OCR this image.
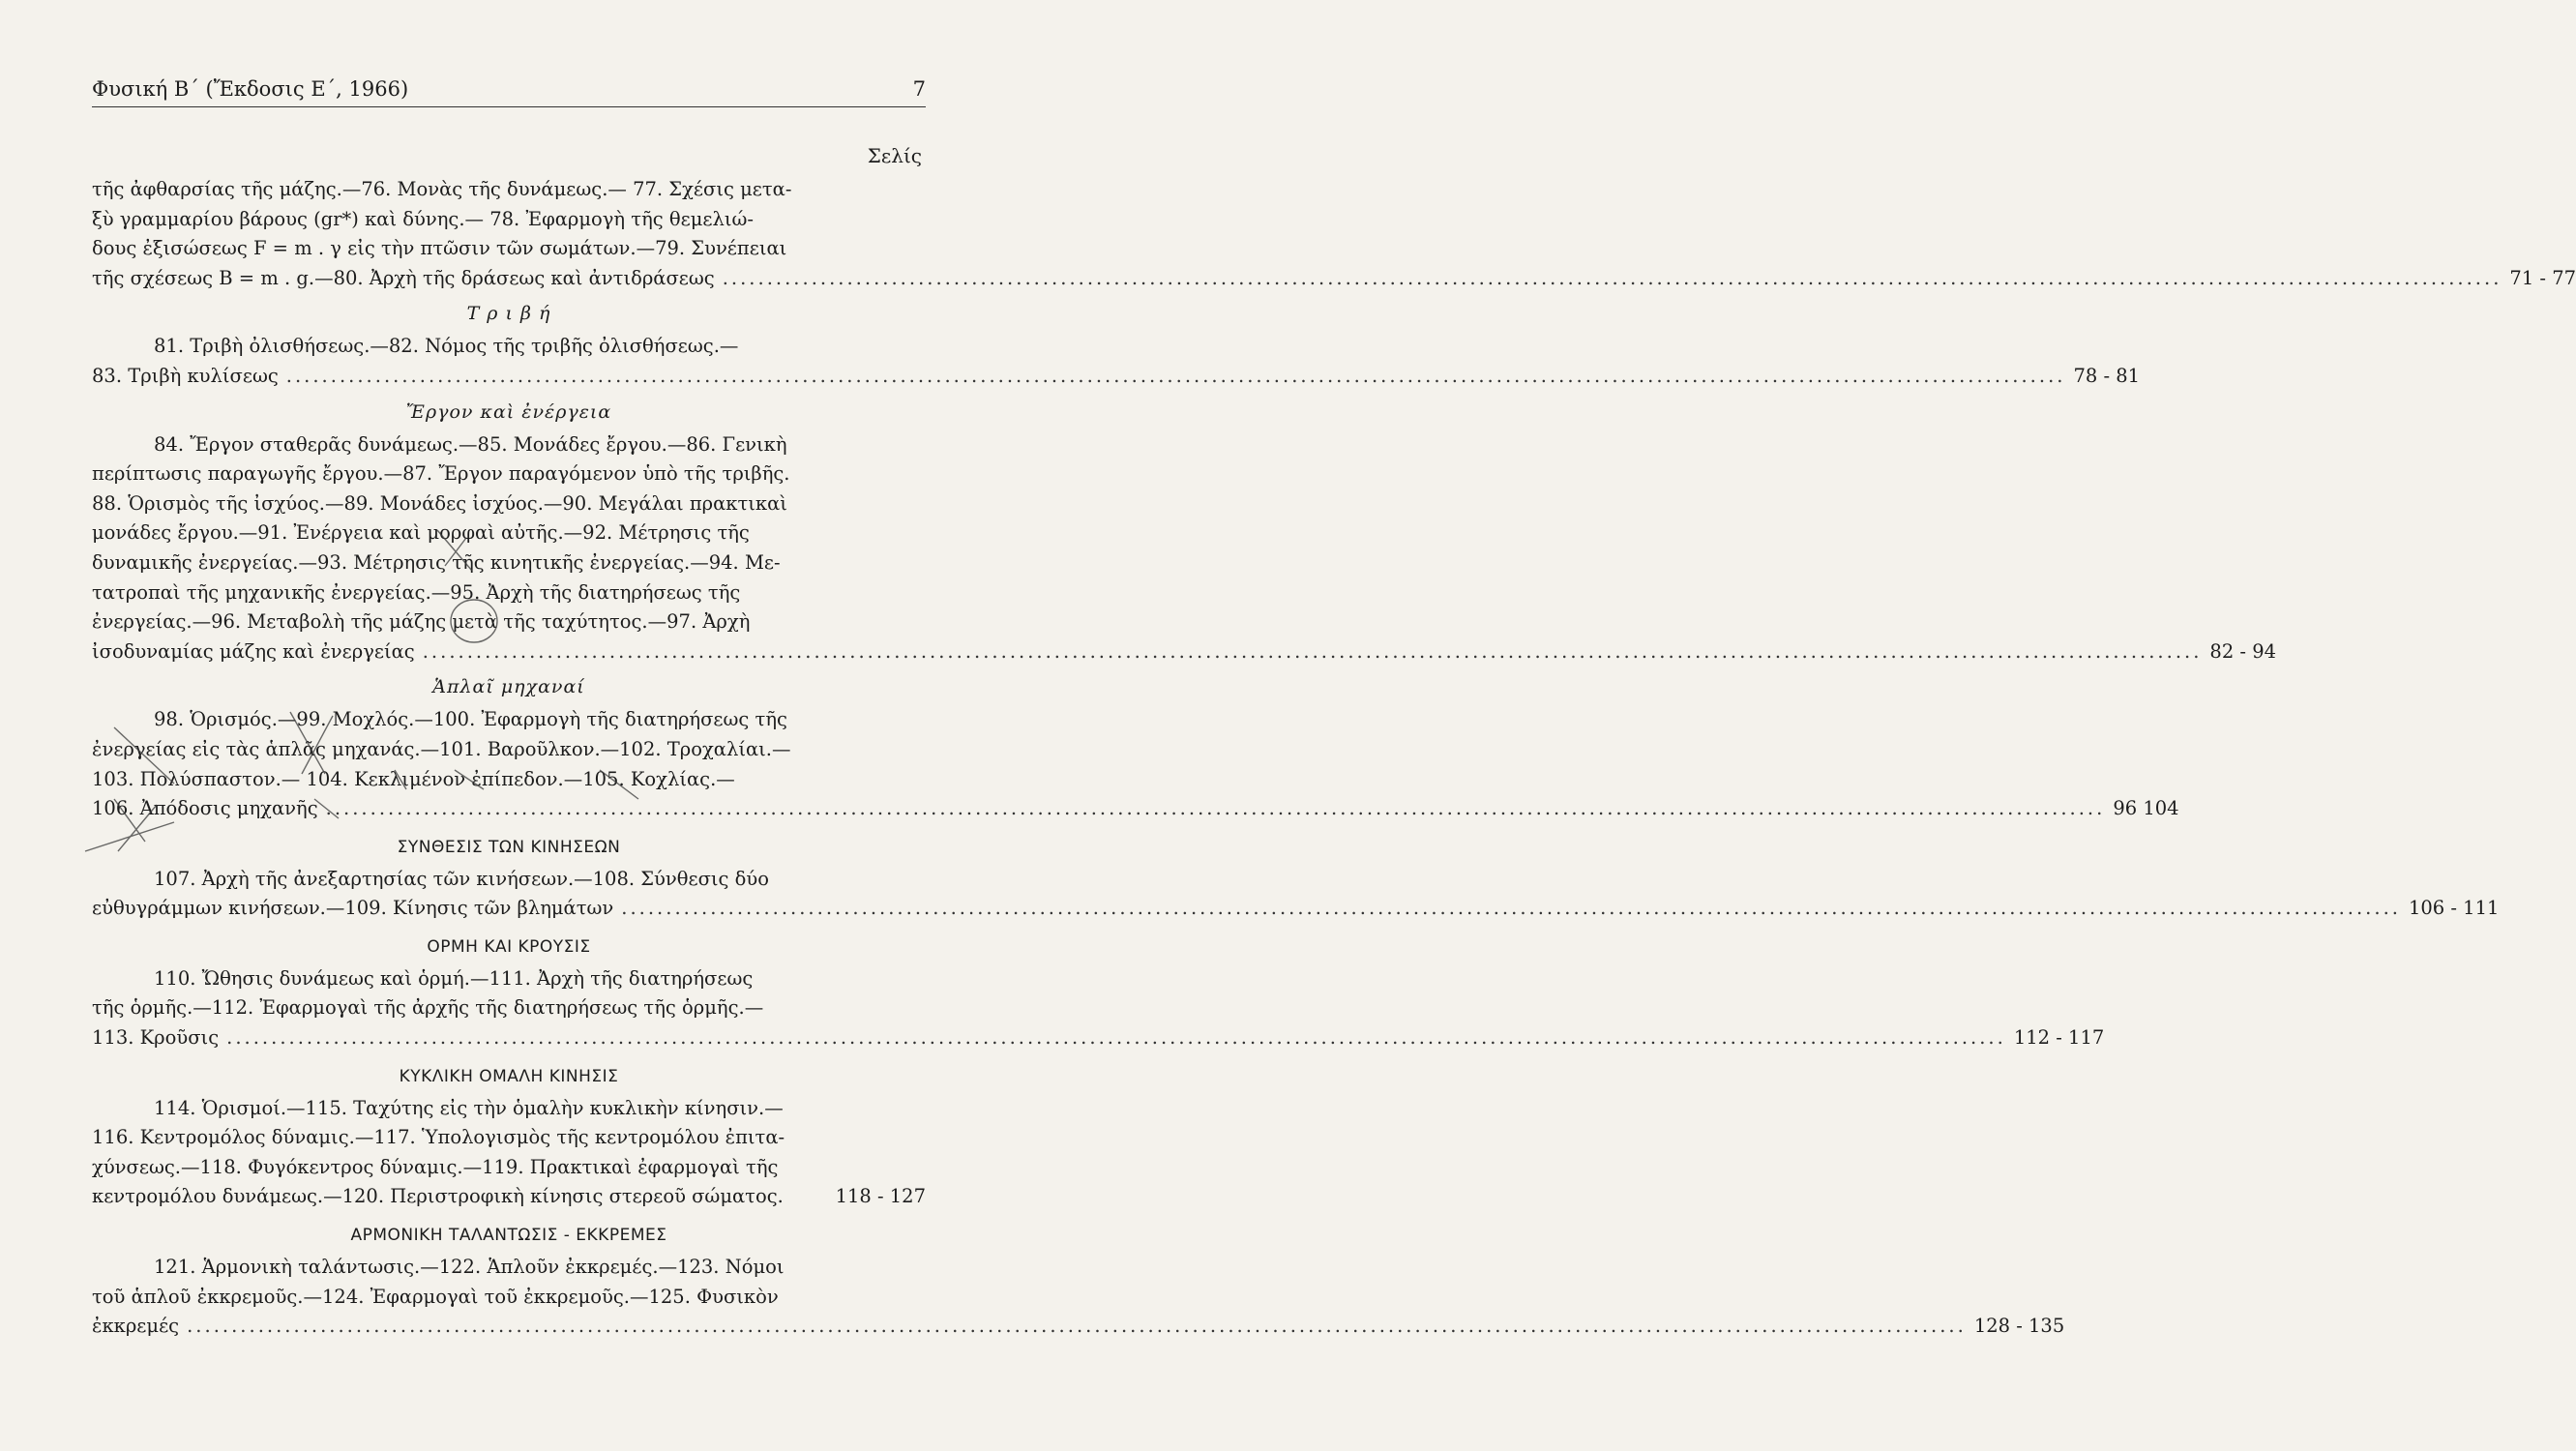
Φυσική Β΄ (Ἔκδοσις Ε΄, 1966)	7
Σελίς
τῆς ἀφθαρσίας τῆς μάζης.—76. Μονὰς τῆς δυνάμεως.— 77. Σχέσις μετα-
ξὺ γραμμαρίου βάρους (gr*) καὶ δύνης.— 78. Ἐφαρμογὴ τῆς θεμελιώ-
δους ἐξισώσεως F = m . γ εἰς τὴν πτῶσιν τῶν σωμάτων.—79. Συνέπειαι
τῆς σχέσεως B = m . g.—80. Ἀρχὴ τῆς δράσεως καὶ ἀντιδράσεως ........................................................................................................................................................................................................ 71 - 77
Τ ρ ι β ή
81. Τριβὴ ὀλισθήσεως.—82. Νόμος τῆς τριβῆς ὀλισθήσεως.—
83. Τριβὴ κυλίσεως ........................................................................................................................................................................................................ 78 - 81
Ἔργον καὶ ἐνέργεια
84. Ἔργον σταθερᾶς δυνάμεως.—85. Μονάδες ἔργου.—86. Γενικὴ
περίπτωσις παραγωγῆς ἔργου.—87. Ἔργον παραγόμενον ὑπὸ τῆς τριβῆς.
88. Ὁρισμὸς τῆς ἰσχύος.—89. Μονάδες ἰσχύος.—90. Μεγάλαι πρακτικαὶ
μονάδες ἔργου.—91. Ἐνέργεια καὶ μορφαὶ αὐτῆς.—92. Μέτρησις τῆς
δυναμικῆς ἐνεργείας.—93. Μέτρησις τῆς κινητικῆς ἐνεργείας.—94. Με-
τατροπαὶ τῆς μηχανικῆς ἐνεργείας.—95. Ἀρχὴ τῆς διατηρήσεως τῆς
ἐνεργείας.—96. Μεταβολὴ τῆς μάζης μετὰ τῆς ταχύτητος.—97. Ἀρχὴ
ἰσοδυναμίας μάζης καὶ ἐνεργείας ........................................................................................................................................................................................................ 82 - 94
Ἁπλαῖ μηχαναί
98. Ὁρισμός.—99. Μοχλός.—100. Ἐφαρμογὴ τῆς διατηρήσεως τῆς
ἐνεργείας εἰς τὰς ἁπλᾶς μηχανάς.—101. Βαροῦλκον.—102. Τροχαλίαι.—
103. Πολύσπαστον.— 104. Κεκλιμένον ἐπίπεδον.—105. Κοχλίας.—
106. Ἀπόδοσις μηχανῆς ........................................................................................................................................................................................................ 96 104
ΣΥΝΘΕΣΙΣ ΤΩΝ ΚΙΝΗΣΕΩΝ
107. Ἀρχὴ τῆς ἀνεξαρτησίας τῶν κινήσεων.—108. Σύνθεσις δύο
εὐθυγράμμων κινήσεων.—109. Κίνησις τῶν βλημάτων ........................................................................................................................................................................................................ 106 - 111
ΟΡΜΗ ΚΑΙ ΚΡΟΥΣΙΣ
110. Ὤθησις δυνάμεως καὶ ὁρμή.—111. Ἀρχὴ τῆς διατηρήσεως
τῆς ὁρμῆς.—112. Ἐφαρμογαὶ τῆς ἀρχῆς τῆς διατηρήσεως τῆς ὁρμῆς.—
113. Κροῦσις ........................................................................................................................................................................................................ 112 - 117
ΚΥΚΛΙΚΗ ΟΜΑΛΗ ΚΙΝΗΣΙΣ
114. Ὁρισμοί.—115. Ταχύτης εἰς τὴν ὁμαλὴν κυκλικὴν κίνησιν.—
116. Κεντρομόλος δύναμις.—117. Ὑπολογισμὸς τῆς κεντρομόλου ἐπιτα-
χύνσεως.—118. Φυγόκεντρος δύναμις.—119. Πρακτικαὶ ἐφαρμογαὶ τῆς
κεντρομόλου δυνάμεως.—120. Περιστροφικὴ κίνησις στερεοῦ σώματος.	118 - 127
ΑΡΜΟΝΙΚΗ ΤΑΛΑΝΤΩΣΙΣ - ΕΚΚΡΕΜΕΣ
121. Ἁρμονικὴ ταλάντωσις.—122. Ἁπλοῦν ἐκκρεμές.—123. Νόμοι
τοῦ ἁπλοῦ ἐκκρεμοῦς.—124. Ἐφαρμογαὶ τοῦ ἐκκρεμοῦς.—125. Φυσικὸν
ἐκκρεμές ........................................................................................................................................................................................................ 128 - 135
